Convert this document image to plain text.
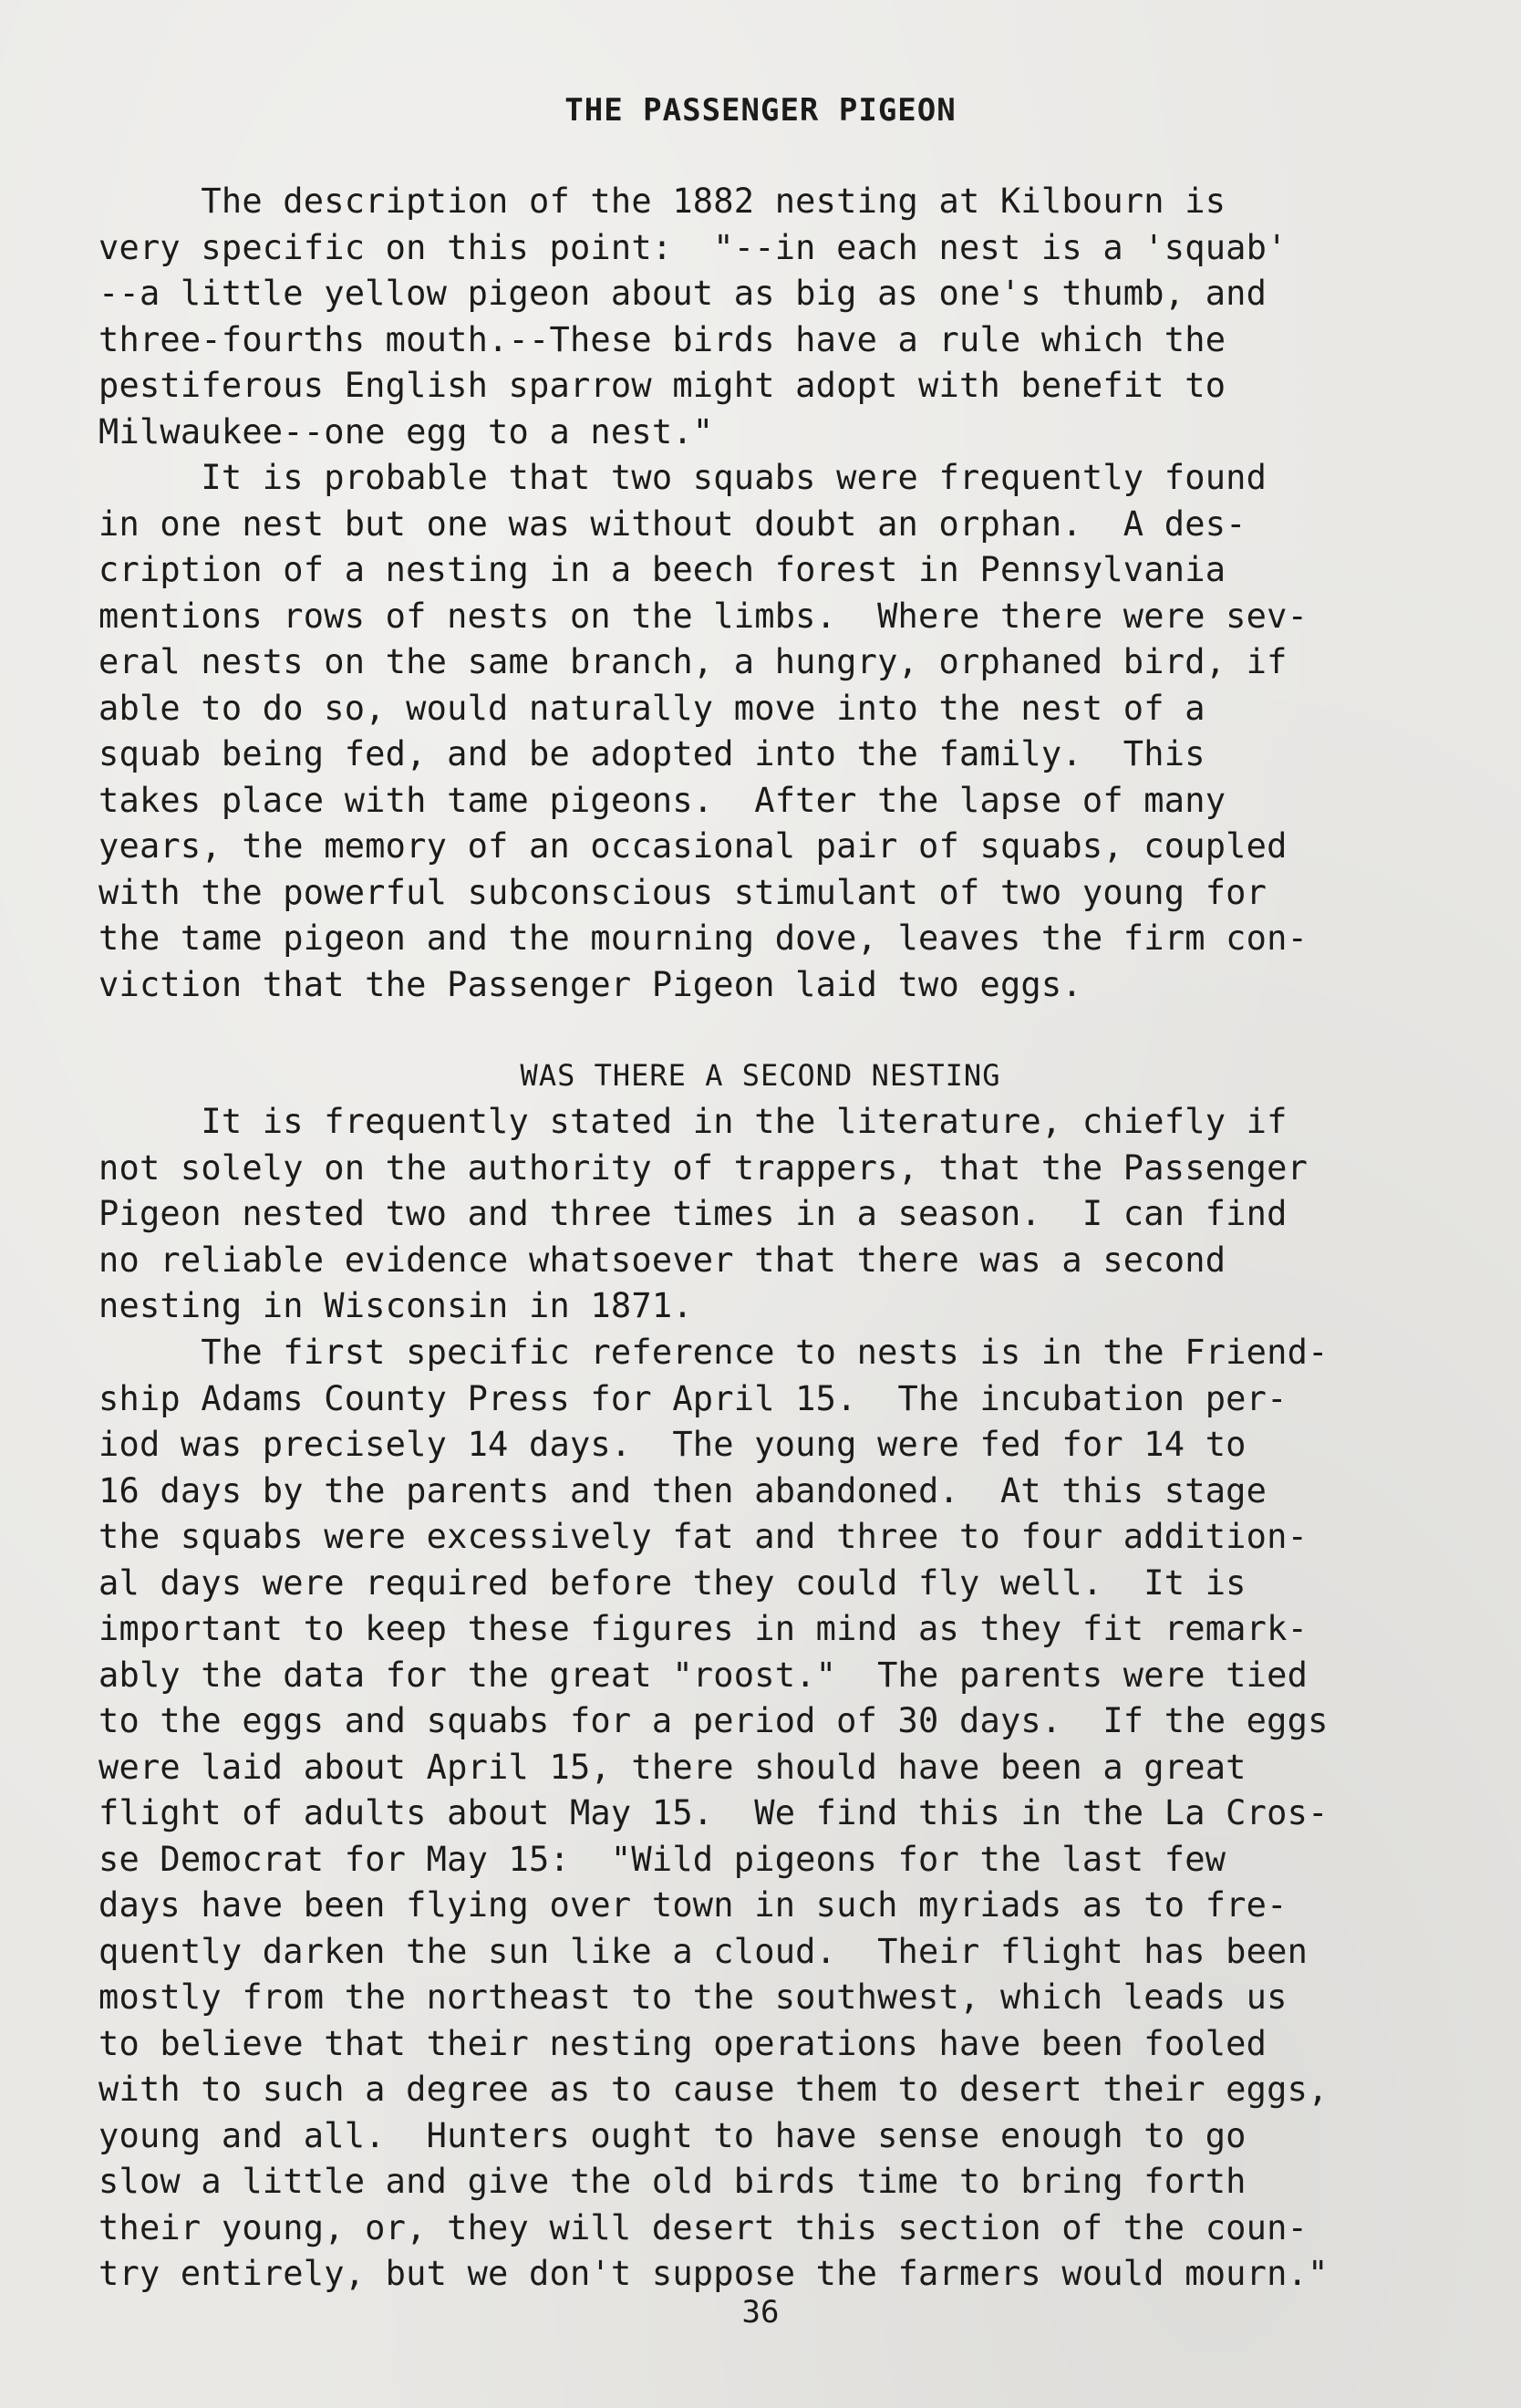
THE PASSENGER PIGEON
The description of the 1882 nesting at Kilbourn is
very specific on this point:  "--in each nest is a 'squab'
--a little yellow pigeon about as big as one's thumb, and
three-fourths mouth.--These birds have a rule which the
pestiferous English sparrow might adopt with benefit to
Milwaukee--one egg to a nest."
It is probable that two squabs were frequently found
in one nest but one was without doubt an orphan.  A des-
cription of a nesting in a beech forest in Pennsylvania
mentions rows of nests on the limbs.  Where there were sev-
eral nests on the same branch, a hungry, orphaned bird, if
able to do so, would naturally move into the nest of a
squab being fed, and be adopted into the family.  This
takes place with tame pigeons.  After the lapse of many
years, the memory of an occasional pair of squabs, coupled
with the powerful subconscious stimulant of two young for
the tame pigeon and the mourning dove, leaves the firm con-
viction that the Passenger Pigeon laid two eggs.
WAS THERE A SECOND NESTING
It is frequently stated in the literature, chiefly if
not solely on the authority of trappers, that the Passenger
Pigeon nested two and three times in a season.  I can find
no reliable evidence whatsoever that there was a second
nesting in Wisconsin in 1871.
The first specific reference to nests is in the Friend-
ship Adams County Press for April 15.  The incubation per-
iod was precisely 14 days.  The young were fed for 14 to
16 days by the parents and then abandoned.  At this stage
the squabs were excessively fat and three to four addition-
al days were required before they could fly well.  It is
important to keep these figures in mind as they fit remark-
ably the data for the great "roost."  The parents were tied
to the eggs and squabs for a period of 30 days.  If the eggs
were laid about April 15, there should have been a great
flight of adults about May 15.  We find this in the La Cros-
se Democrat for May 15:  "Wild pigeons for the last few
days have been flying over town in such myriads as to fre-
quently darken the sun like a cloud.  Their flight has been
mostly from the northeast to the southwest, which leads us
to believe that their nesting operations have been fooled
with to such a degree as to cause them to desert their eggs,
young and all.  Hunters ought to have sense enough to go
slow a little and give the old birds time to bring forth
their young, or, they will desert this section of the coun-
try entirely, but we don't suppose the farmers would mourn."
36
